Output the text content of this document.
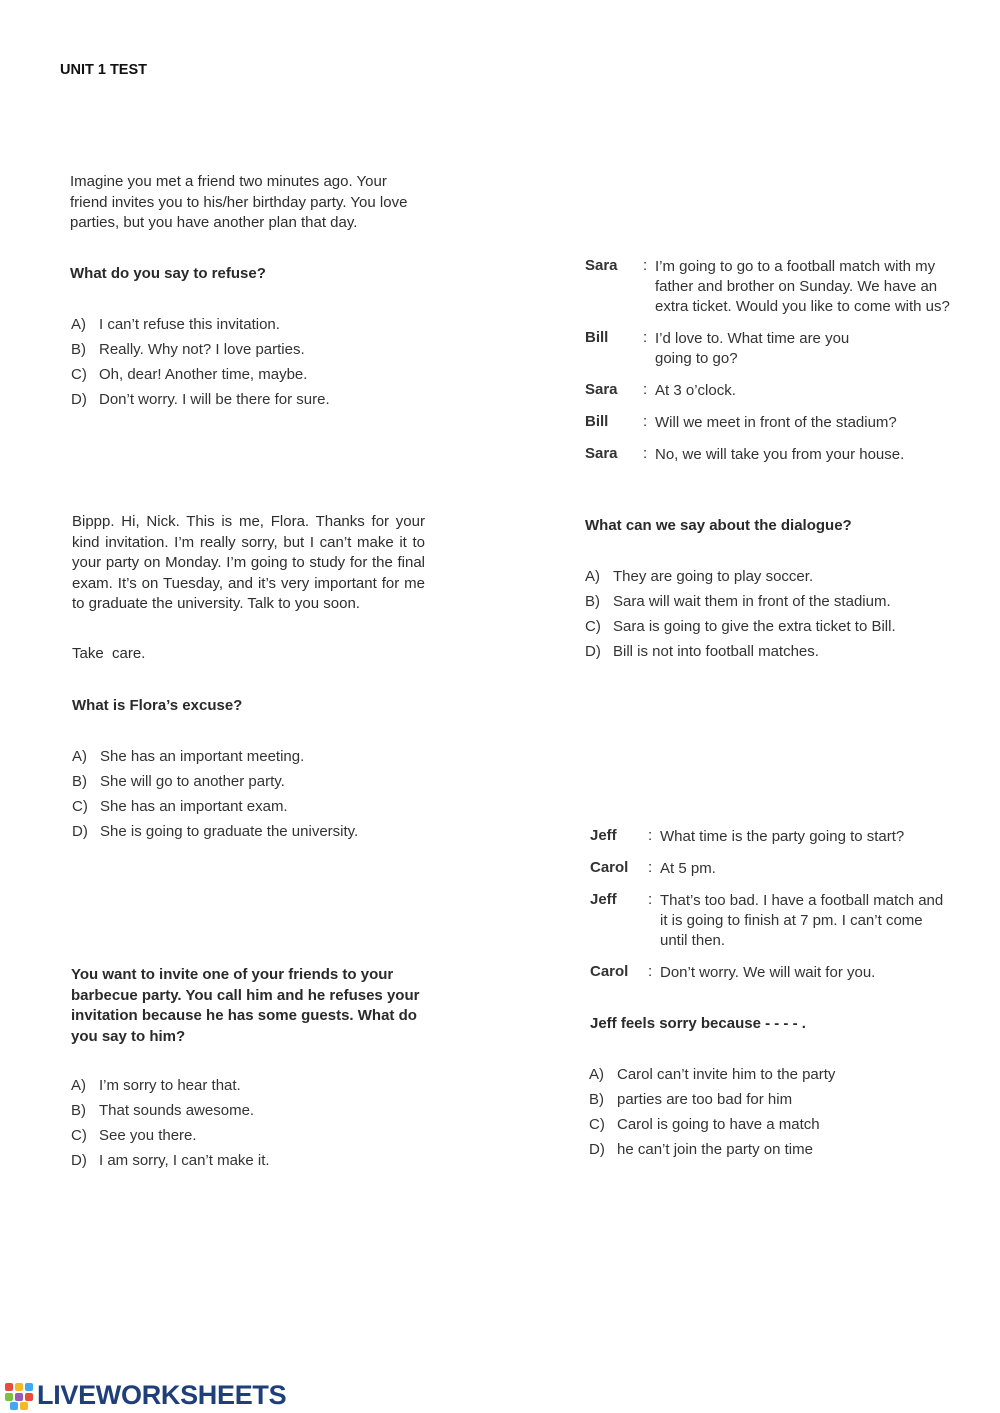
UNIT 1 TEST

Imagine you met a friend two minutes ago. Your friend invites you to his/her birthday party. You love parties, but you have another plan that day.

What do you say to refuse?

A) I can’t refuse this invitation.
B) Really. Why not? I love parties.
C) Oh, dear! Another time, maybe.
D) Don’t worry. I will be there for sure.

Bippp. Hi, Nick. This is me, Flora. Thanks for your kind invitation. I’m really sorry, but I can’t make it to your party on Monday. I’m going to study for the final exam. It’s on Tuesday, and it’s very important for me to graduate the university. Talk to you soon.

Take  care.

What is Flora’s excuse?

A) She has an important meeting.
B) She will go to another party.
C) She has an important exam.
D) She is going to graduate the university.

You want to invite one of your friends to your barbecue party. You call him and he refuses your invitation because he has some guests. What do you say to him?

A) I’m sorry to hear that.
B) That sounds awesome.
C) See you there.
D) I am sorry, I can’t make it.
Sara	: I’m going to go to a football match with my father and brother on Sunday. We have an extra ticket. Would you like to come with us?
Bill	: I’d love to. What time are you going to go?
Sara	: At 3 o’clock.
Bill	: Will we meet in front of the stadium?
Sara	: No, we will take you from your house.

What can we say about the dialogue?

A) They are going to play soccer.
B) Sara will wait them in front of the stadium.
C) Sara is going to give the extra ticket to Bill.
D) Bill is not into football matches.
Jeff	: What time is the party going to start?
Carol	: At 5 pm.
Jeff	: That’s too bad. I have a football match and it is going to finish at 7 pm. I can’t come until then.
Carol	: Don’t worry. We will wait for you.

Jeff feels sorry because - - - - .

A) Carol can’t invite him to the party
B) parties are too bad for him
C) Carol is going to have a match
D) he can’t join the party on time
LIVEWORKSHEETS
